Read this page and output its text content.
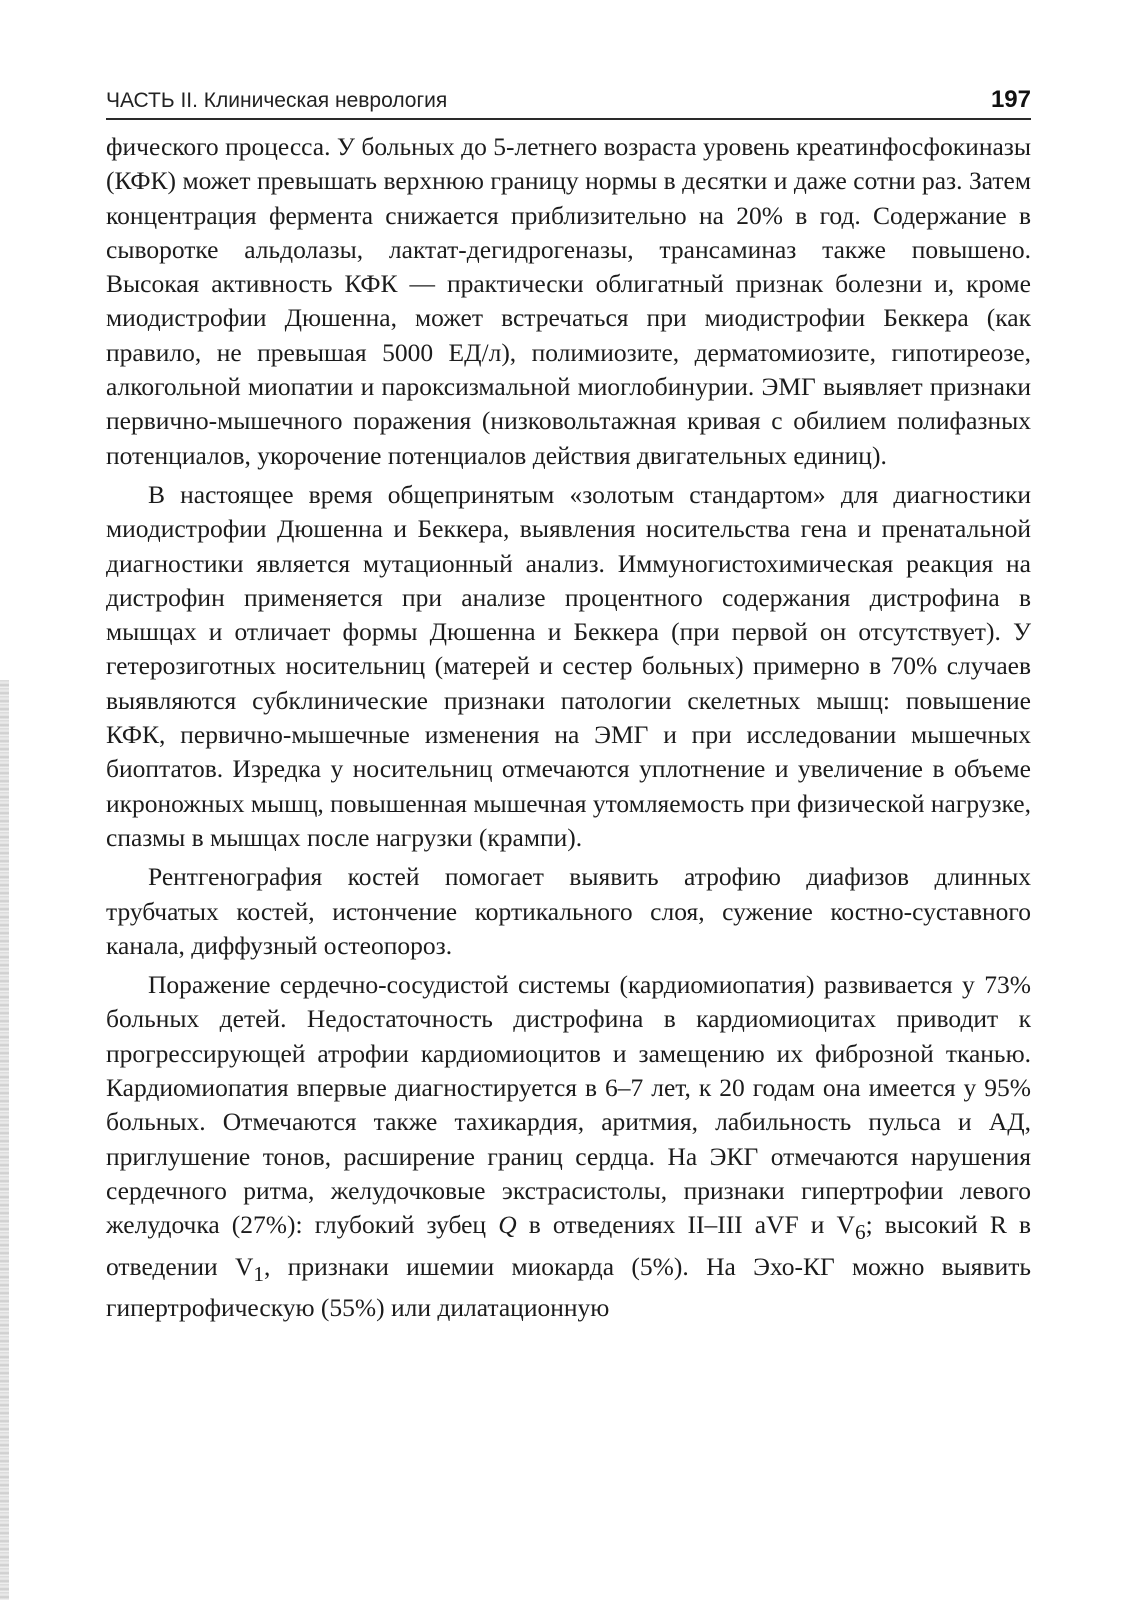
ЧАСТЬ II. Клиническая неврология	197

фического процесса. У больных до 5-летнего возраста уровень креатинфосфокиназы (КФК) может превышать верхнюю границу нормы в десятки и даже сотни раз. Затем концентрация фермента снижается приблизительно на 20% в год. Содержание в сыворотке альдолазы, лактат-дегидрогеназы, трансаминаз также повышено. Высокая активность КФК — практически облигатный признак болезни и, кроме миодистрофии Дюшенна, может встречаться при миодистрофии Беккера (как правило, не превышая 5000 ЕД/л), полимиозите, дерматомиозите, гипотиреозе, алкогольной миопатии и пароксизмальной миоглобинурии. ЭМГ выявляет признаки первично-мышечного поражения (низковольтажная кривая с обилием полифазных потенциалов, укорочение потенциалов действия двигательных единиц).

В настоящее время общепринятым «золотым стандартом» для диагностики миодистрофии Дюшенна и Беккера, выявления носительства гена и пренатальной диагностики является мутационный анализ. Иммуногистохимическая реакция на дистрофин применяется при анализе процентного содержания дистрофина в мышцах и отличает формы Дюшенна и Беккера (при первой он отсутствует). У гетерозиготных носительниц (матерей и сестер больных) примерно в 70% случаев выявляются субклинические признаки патологии скелетных мышц: повышение КФК, первично-мышечные изменения на ЭМГ и при исследовании мышечных биоптатов. Изредка у носительниц отмечаются уплотнение и увеличение в объеме икроножных мышц, повышенная мышечная утомляемость при физической нагрузке, спазмы в мышцах после нагрузки (крампи).

Рентгенография костей помогает выявить атрофию диафизов длинных трубчатых костей, истончение кортикального слоя, сужение костно-суставного канала, диффузный остеопороз.

Поражение сердечно-сосудистой системы (кардиомиопатия) развивается у 73% больных детей. Недостаточность дистрофина в кардиомиоцитах приводит к прогрессирующей атрофии кардиомиоцитов и замещению их фиброзной тканью. Кардиомиопатия впервые диагностируется в 6–7 лет, к 20 годам она имеется у 95% больных. Отмечаются также тахикардия, аритмия, лабильность пульса и АД, приглушение тонов, расширение границ сердца. На ЭКГ отмечаются нарушения сердечного ритма, желудочковые экстрасистолы, признаки гипертрофии левого желудочка (27%): глубокий зубец Q в отведениях II–III aVF и $V_6$; высокий R в отведении $V_1$, признаки ишемии миокарда (5%). На Эхо-КГ можно выявить гипертрофическую (55%) или дилатационную
